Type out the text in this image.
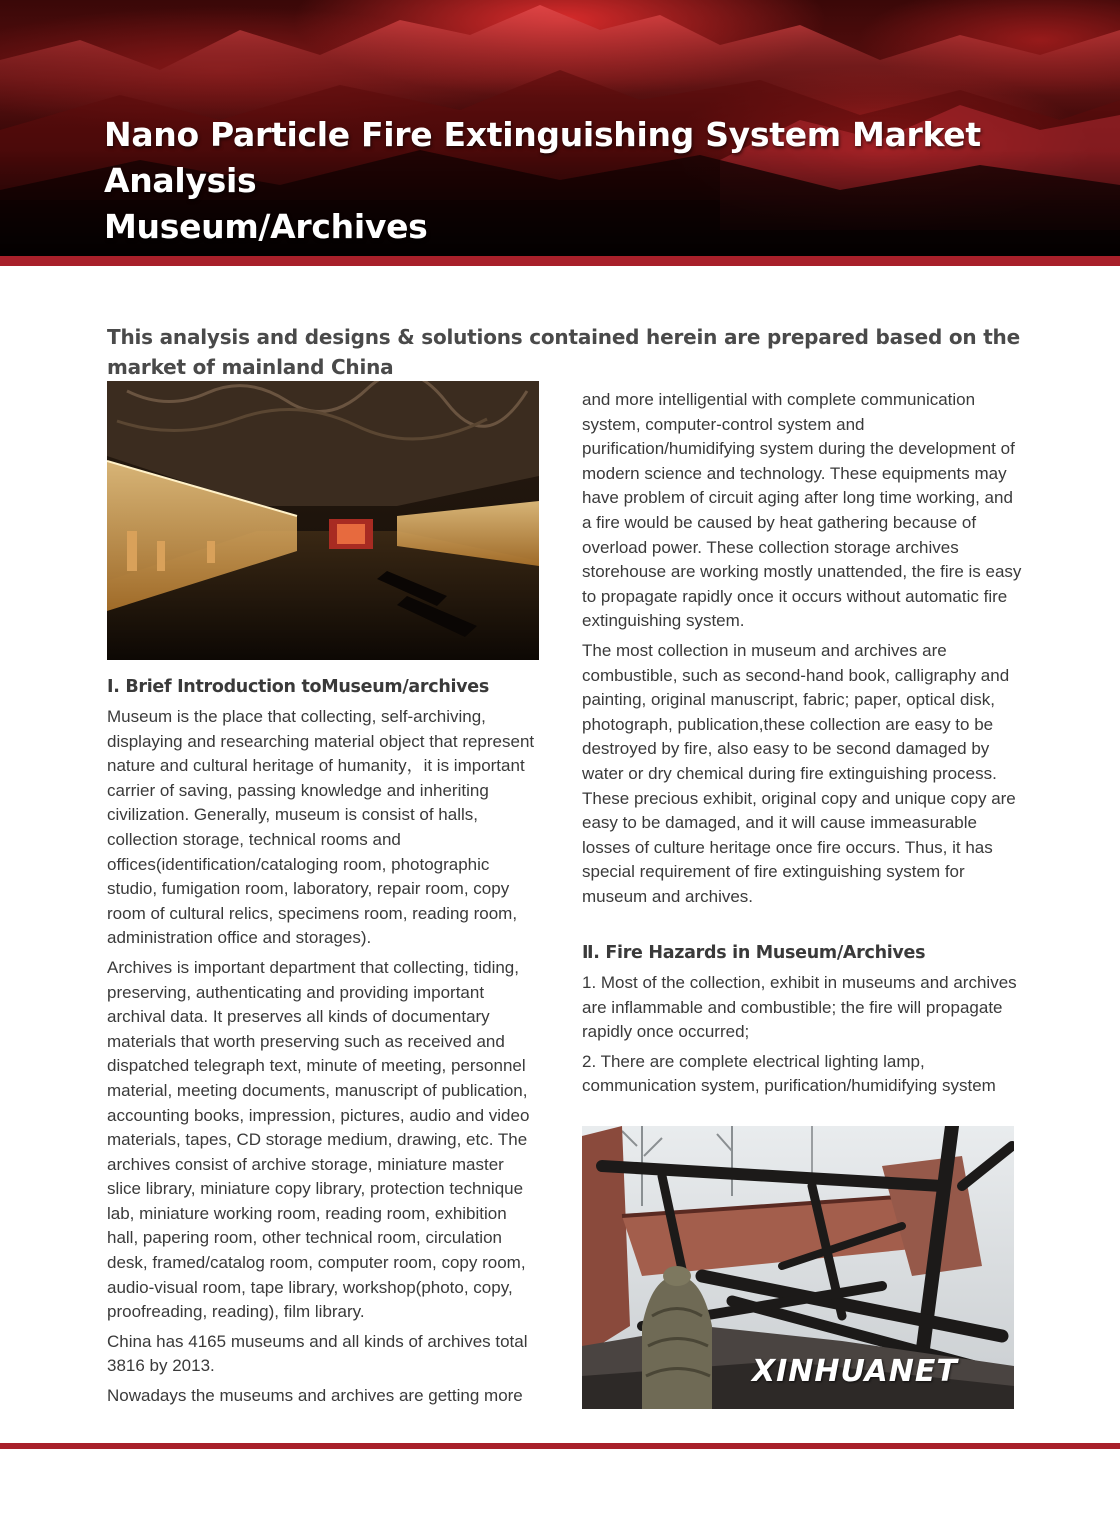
Nano Particle Fire Extinguishing System Market Analysis
Museum/Archives

This analysis and designs & solutions contained herein are prepared based on the market of mainland China

Ⅰ. Brief Introduction toMuseum/archives

Museum is the place that collecting, self-archiving, displaying and researching material object that represent nature and cultural heritage of humanity，it is important carrier of saving, passing knowledge and inheriting civilization. Generally, museum is consist of halls, collection storage, technical rooms and offices(identification/cataloging room, photographic studio, fumigation room, laboratory, repair room, copy room of cultural relics, specimens room, reading room, administration office and storages).

Archives is important department that collecting, tiding, preserving, authenticating and providing important archival data. It preserves all kinds of documentary materials that worth preserving such as received and dispatched telegraph text, minute of meeting, personnel material, meeting documents, manuscript of publication, accounting books, impression, pictures, audio and video materials, tapes, CD storage medium, drawing, etc. The archives consist of archive storage, miniature master slice library, miniature copy library, protection technique lab, miniature working room, reading room, exhibition hall, papering room, other technical room, circulation desk, framed/catalog room, computer room, copy room, audio-visual room, tape library, workshop(photo, copy, proofreading, reading), film library.

China has 4165 museums and all kinds of archives total 3816 by 2013.

Nowadays the museums and archives are getting more

and more intelligential with complete communication system, computer-control system and purification/humidifying system during the development of modern science and technology. These equipments may have problem of circuit aging after long time working, and a fire would be caused by heat gathering because of overload power. These collection storage archives storehouse are working mostly unattended, the fire is easy to propagate rapidly once it occurs without automatic fire extinguishing system.

The most collection in museum and archives are combustible, such as second-hand book, calligraphy and painting, original manuscript, fabric; paper, optical disk, photograph, publication,these collection are easy to be destroyed by fire, also easy to be second damaged by water or dry chemical during fire extinguishing process. These precious exhibit, original copy and unique copy are easy to be damaged, and it will cause immeasurable losses of culture heritage once fire occurs. Thus, it has special requirement of fire extinguishing system for museum and archives.

Ⅱ. Fire Hazards in Museum/Archives

1. Most of the collection, exhibit in museums and archives are inflammable and combustible; the fire will propagate rapidly once occurred;

2. There are complete electrical lighting lamp, communication system, purification/humidifying system

XINHUANET
